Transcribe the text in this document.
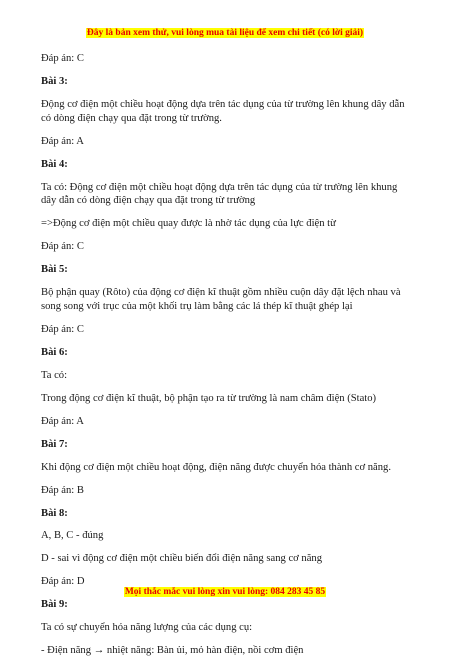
Đây là bản xem thử, vui lòng mua tài liệu để xem chi tiết (có lời giải)

Đáp án: C

Bài 3:

Động cơ điện một chiều hoạt động dựa trên tác dụng của từ trường lên khung dây dẫn có dòng điện chạy qua đặt trong từ trường.

Đáp án: A

Bài 4:

Ta có: Động cơ điện một chiều hoạt động dựa trên tác dụng của từ trường lên khung dây dẫn có dòng điện chạy qua đặt trong từ trường

=>Động cơ điện một chiều quay được là nhờ tác dụng của lực điện từ

Đáp án: C

Bài 5:

Bộ phận quay (Rôto) của động cơ điện kĩ thuật gồm nhiều cuộn dây đặt lệch nhau và song song với trục của một khối trụ làm bằng các lá thép kĩ thuật ghép lại

Đáp án: C

Bài 6:

Ta có:

Trong động cơ điện kĩ thuật, bộ phận tạo ra từ trường là nam châm điện (Stato)

Đáp án: A

Bài 7:

Khi động cơ điện một chiều hoạt động, điện năng được chuyển hóa thành cơ năng.

Đáp án: B

Bài 8:

A, B, C - đúng

D - sai vì động cơ điện một chiều biến đổi điện năng sang cơ năng

Đáp án: D

Bài 9:

Ta có sự chuyển hóa năng lượng của các dụng cụ:

- Điện năng → nhiệt năng: Bàn ủi, mỏ hàn điện, nồi cơm điện

Mọi thắc mắc vui lòng xin vui lòng: 084 283 45 85
